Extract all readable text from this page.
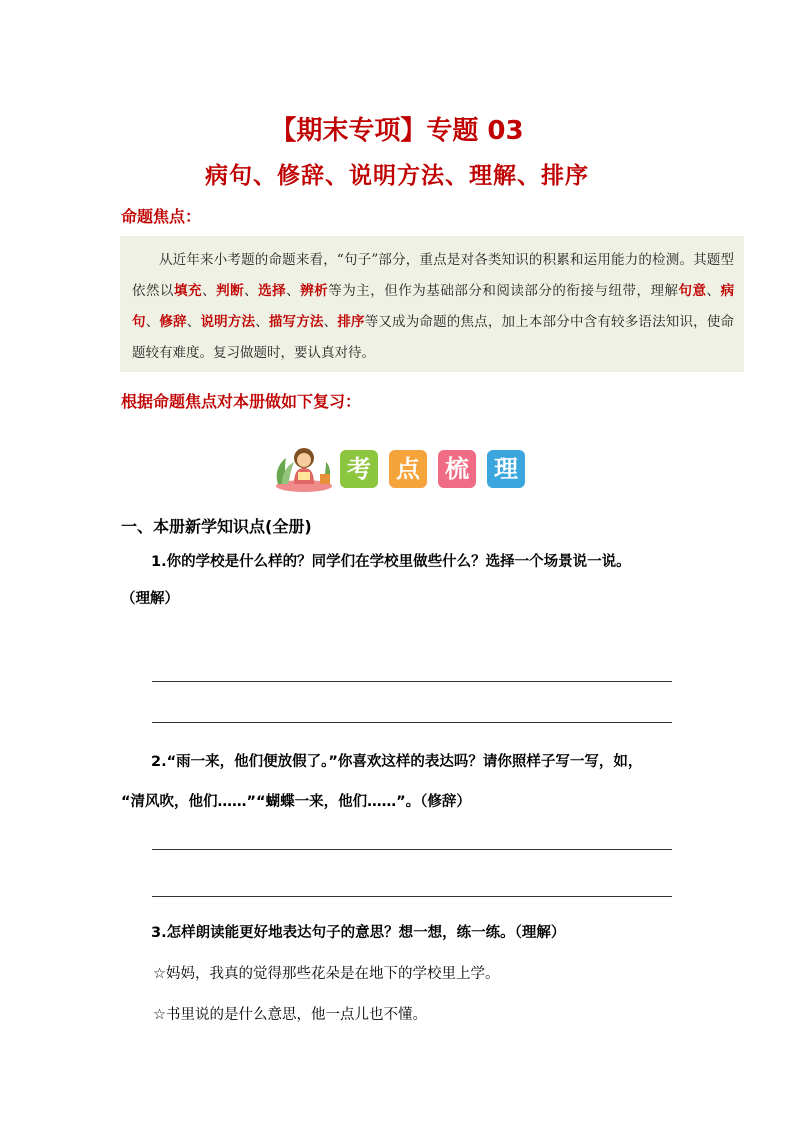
【期末专项】专题 03
病句、修辞、说明方法、理解、排序
命题焦点：

从近年来小考题的命题来看，“句子”部分，重点是对各类知识的积累和运用能力的检测。其题型依然以填充、判断、选择、辨析等为主，但作为基础部分和阅读部分的衔接与纽带，理解句意、病句、修辞、说明方法、描写方法、排序等又成为命题的焦点，加上本部分中含有较多语法知识，使命题较有难度。复习做题时，要认真对待。

根据命题焦点对本册做如下复习：
考 点 梳 理
一、本册新学知识点(全册)
1.你的学校是什么样的？同学们在学校里做些什么？选择一个场景说一说。
（理解）
2.“雨一来，他们便放假了。”你喜欢这样的表达吗？请你照样子写一写，如，
“清风吹，他们……”“蝴蝶一来，他们……”。（修辞）
3.怎样朗读能更好地表达句子的意思？想一想，练一练。（理解）
☆妈妈，我真的觉得那些花朵是在地下的学校里上学。
☆书里说的是什么意思，他一点儿也不懂。
